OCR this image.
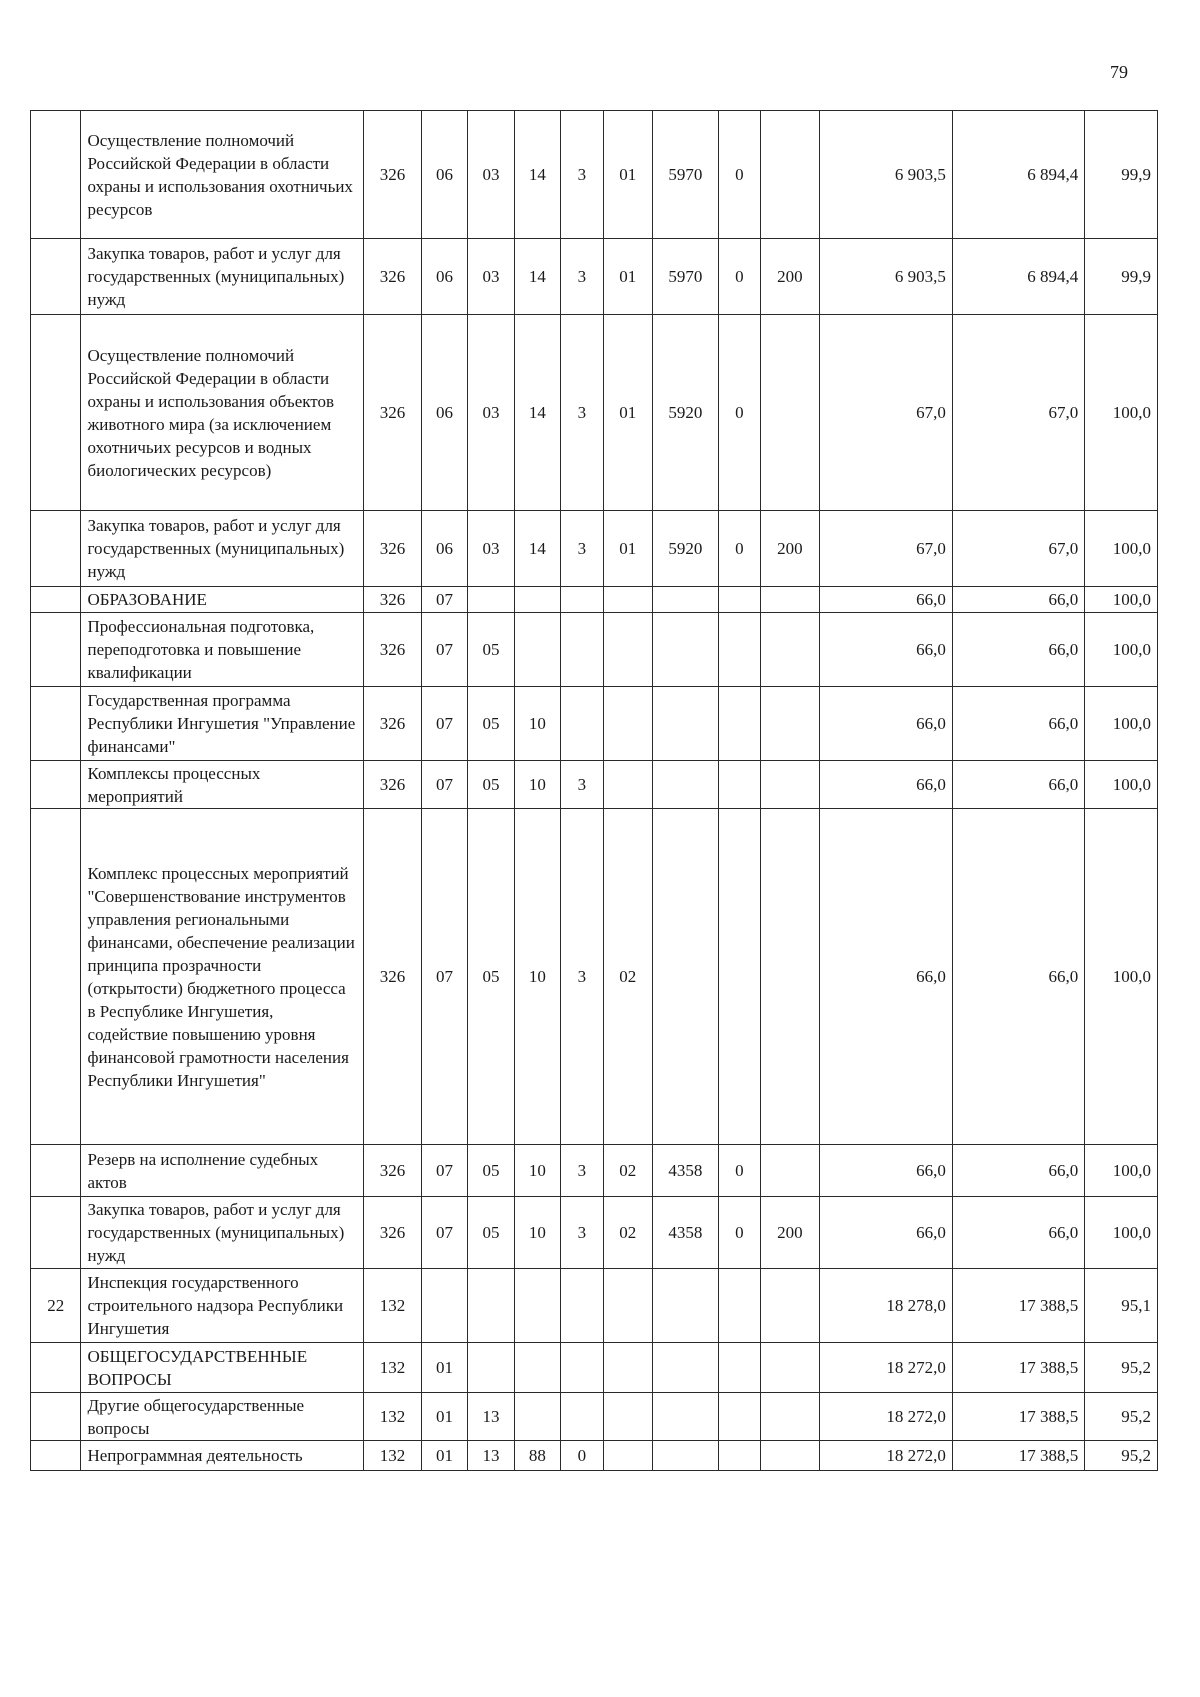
79
	Осуществление полномочий Российской Федерации в области охраны и использования охотничьих ресурсов	326	06	03	14	3	01	5970	0		6 903,5	6 894,4	99,9
	Закупка товаров, работ и услуг для государственных (муниципальных) нужд	326	06	03	14	3	01	5970	0	200	6 903,5	6 894,4	99,9
	Осуществление полномочий Российской Федерации в области охраны и использования объектов животного мира (за исключением охотничьих ресурсов и водных биологических ресурсов)	326	06	03	14	3	01	5920	0		67,0	67,0	100,0
	Закупка товаров, работ и услуг для государственных (муниципальных) нужд	326	06	03	14	3	01	5920	0	200	67,0	67,0	100,0
	ОБРАЗОВАНИЕ	326	07								66,0	66,0	100,0
	Профессиональная подготовка, переподготовка и повышение квалификации	326	07	05							66,0	66,0	100,0
	Государственная программа Республики Ингушетия "Управление финансами"	326	07	05	10						66,0	66,0	100,0
	Комплексы процессных мероприятий	326	07	05	10	3					66,0	66,0	100,0
	Комплекс процессных мероприятий "Совершенствование инструментов управления региональными финансами, обеспечение реализации принципа прозрачности (открытости) бюджетного процесса в Республике Ингушетия, содействие повышению уровня финансовой грамотности населения Республики Ингушетия"	326	07	05	10	3	02				66,0	66,0	100,0
	Резерв на исполнение судебных актов	326	07	05	10	3	02	4358	0		66,0	66,0	100,0
	Закупка товаров, работ и услуг для государственных (муниципальных) нужд	326	07	05	10	3	02	4358	0	200	66,0	66,0	100,0
22	Инспекция государственного строительного надзора Республики Ингушетия	132									18 278,0	17 388,5	95,1
	ОБЩЕГОСУДАРСТВЕННЫЕ ВОПРОСЫ	132	01								18 272,0	17 388,5	95,2
	Другие общегосударственные вопросы	132	01	13							18 272,0	17 388,5	95,2
	Непрограммная деятельность	132	01	13	88	0					18 272,0	17 388,5	95,2
